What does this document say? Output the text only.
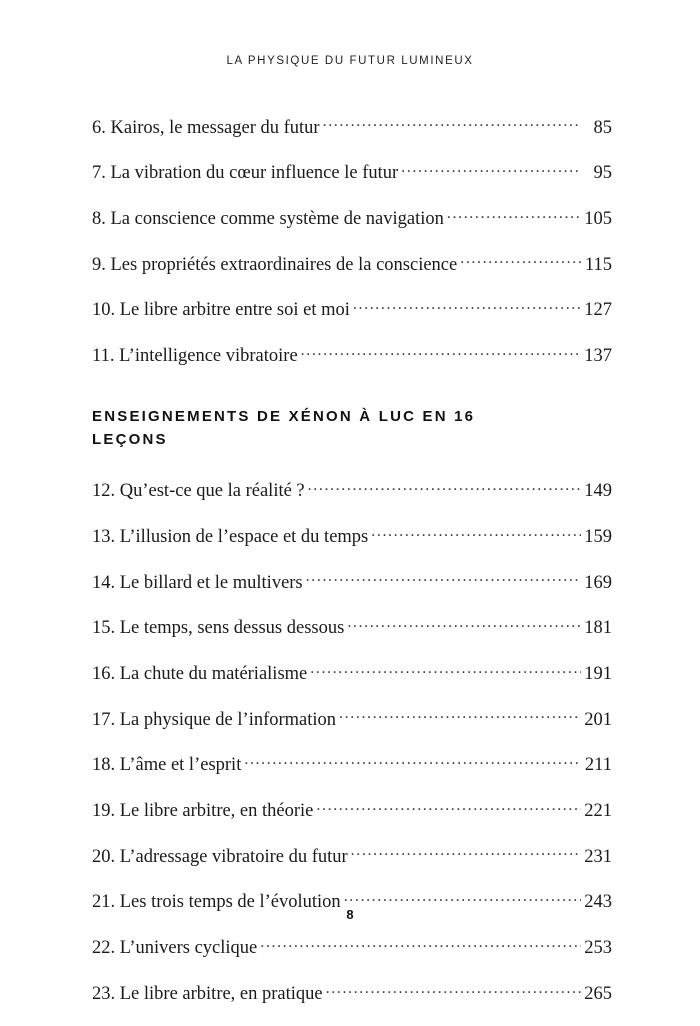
LA PHYSIQUE DU FUTUR LUMINEUX
6. Kairos, le messager du futur .....	85
7. La vibration du cœur influence le futur .....	95
8. La conscience comme système de navigation .....	105
9. Les propriétés extraordinaires de la conscience .....	115
10. Le libre arbitre entre soi et moi .....	127
11. L’intelligence vibratoire .....	137
ENSEIGNEMENTS DE XÉNON À LUC EN 16 LEÇONS
12. Qu’est-ce que la réalité ? .....	149
13. L’illusion de l’espace et du temps .....	159
14. Le billard et le multivers .....	169
15. Le temps, sens dessus dessous .....	181
16. La chute du matérialisme .....	191
17. La physique de l’information .....	201
18. L’âme et l’esprit .....	211
19. Le libre arbitre, en théorie .....	221
20. L’adressage vibratoire du futur .....	231
21. Les trois temps de l’évolution .....	243
22. L’univers cyclique .....	253
23. Le libre arbitre, en pratique .....	265
8
